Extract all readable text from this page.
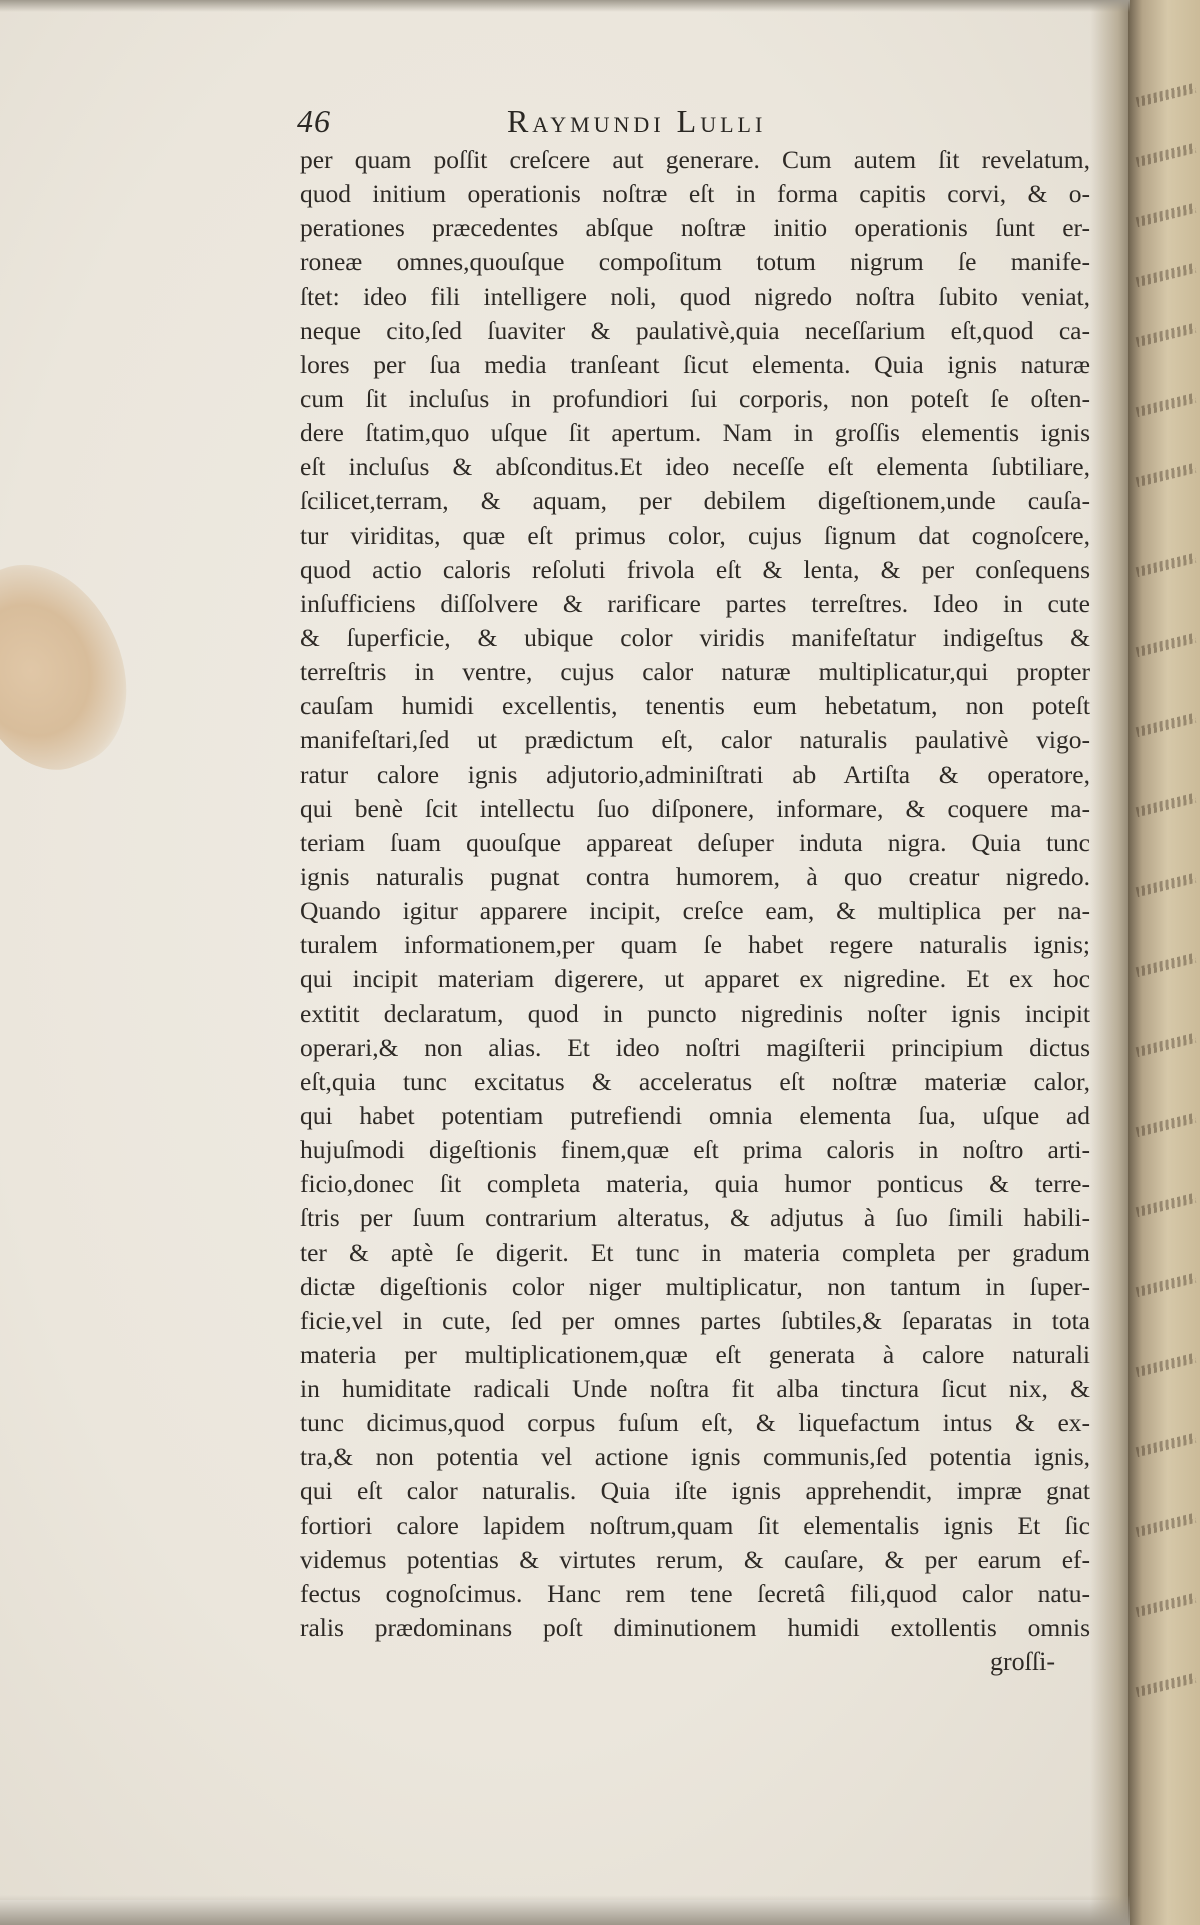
46	Raymundi Lulli
per quam poſſit creſcere aut generare. Cum autem ſit revelatum,
quod initium operationis noſtræ eſt in forma capitis corvi, & o-
perationes præcedentes abſque noſtræ initio operationis ſunt er-
roneæ omnes,quouſque compoſitum totum nigrum ſe manife-
ſtet: ideo fili intelligere noli, quod nigredo noſtra ſubito veniat,
neque cito,ſed ſuaviter & paulativè,quia neceſſarium eſt,quod ca-
lores per ſua media tranſeant ſicut elementa. Quia ignis naturæ
cum ſit incluſus in profundiori ſui corporis, non poteſt ſe oſten-
dere ſtatim,quo uſque ſit apertum. Nam in groſſis elementis ignis
eſt incluſus & abſconditus.Et ideo neceſſe eſt elementa ſubtiliare,
ſcilicet,terram, & aquam, per debilem digeſtionem,unde cauſa-
tur viriditas, quæ eſt primus color, cujus ſignum dat cognoſcere,
quod actio caloris reſoluti frivola eſt & lenta, & per conſequens
inſufficiens diſſolvere & rarificare partes terreſtres. Ideo in cute
& ſuperficie, & ubique color viridis manifeſtatur indigeſtus &
terreſtris in ventre, cujus calor naturæ multiplicatur,qui propter
cauſam humidi excellentis, tenentis eum hebetatum, non poteſt
manifeſtari,ſed ut prædictum eſt, calor naturalis paulativè vigo-
ratur calore ignis adjutorio,adminiſtrati ab Artiſta & operatore,
qui benè ſcit intellectu ſuo diſponere, informare, & coquere ma-
teriam ſuam quouſque appareat deſuper induta nigra. Quia tunc
ignis naturalis pugnat contra humorem, à quo creatur nigredo.
Quando igitur apparere incipit, creſce eam, & multiplica per na-
turalem informationem,per quam ſe habet regere naturalis ignis;
qui incipit materiam digerere, ut apparet ex nigredine. Et ex hoc
extitit declaratum, quod in puncto nigredinis noſter ignis incipit
operari,& non alias. Et ideo noſtri magiſterii principium dictus
eſt,quia tunc excitatus & acceleratus eſt noſtræ materiæ calor,
qui habet potentiam putrefiendi omnia elementa ſua, uſque ad
hujuſmodi digeſtionis finem,quæ eſt prima caloris in noſtro arti-
ficio,donec ſit completa materia, quia humor ponticus & terre-
ſtris per ſuum contrarium alteratus, & adjutus à ſuo ſimili habili-
ter & aptè ſe digerit. Et tunc in materia completa per gradum
dictæ digeſtionis color niger multiplicatur, non tantum in ſuper-
ficie,vel in cute, ſed per omnes partes ſubtiles,& ſeparatas in tota
materia per multiplicationem,quæ eſt generata à calore naturali
in humiditate radicali Unde noſtra fit alba tinctura ſicut nix, &
tunc dicimus,quod corpus fuſum eſt, & liquefactum intus & ex-
tra,& non potentia vel actione ignis communis,ſed potentia ignis,
qui eſt calor naturalis. Quia iſte ignis apprehendit, impræ gnat
fortiori calore lapidem noſtrum,quam ſit elementalis ignis Et ſic
videmus potentias & virtutes rerum, & cauſare, & per earum ef-
fectus cognoſcimus. Hanc rem tene ſecretâ fili,quod calor natu-
ralis prædominans poſt diminutionem humidi extollentis omnis
groſſi-
